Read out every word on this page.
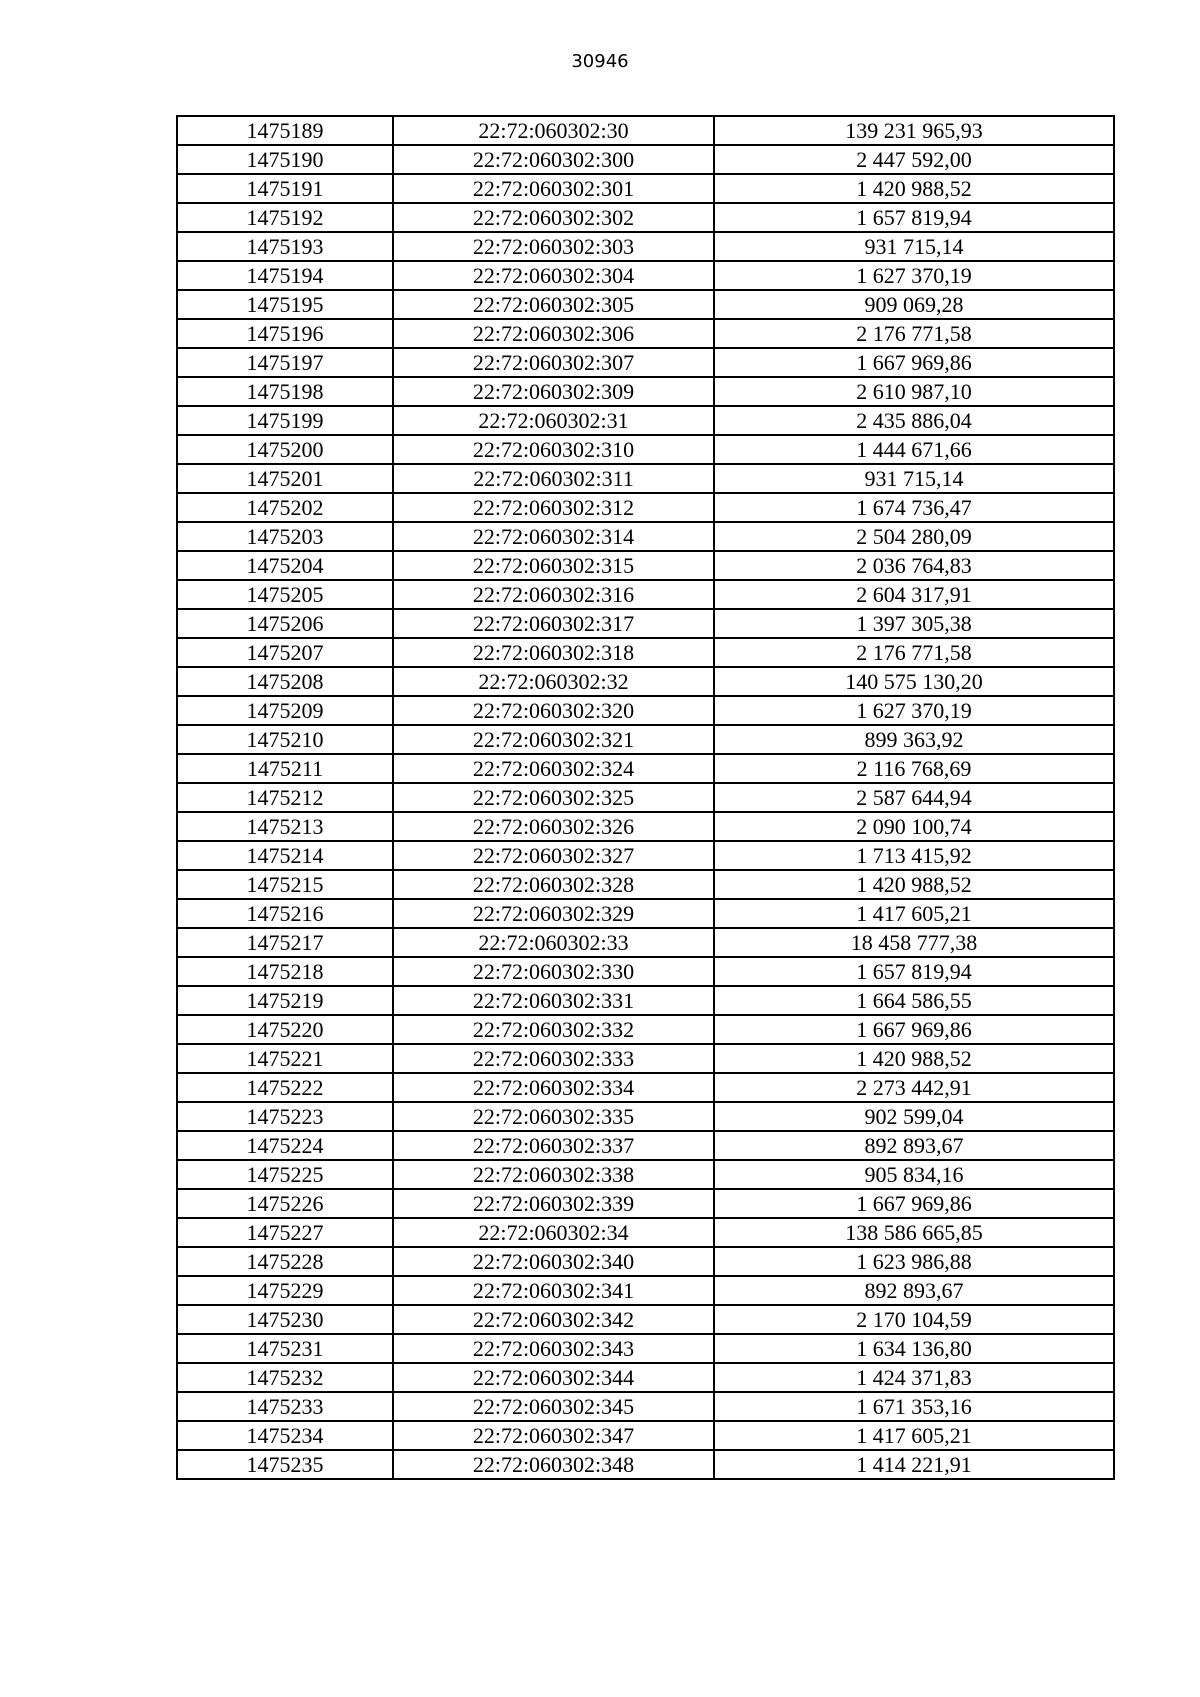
30946
1475189	22:72:060302:30	139 231 965,93
1475190	22:72:060302:300	2 447 592,00
1475191	22:72:060302:301	1 420 988,52
1475192	22:72:060302:302	1 657 819,94
1475193	22:72:060302:303	931 715,14
1475194	22:72:060302:304	1 627 370,19
1475195	22:72:060302:305	909 069,28
1475196	22:72:060302:306	2 176 771,58
1475197	22:72:060302:307	1 667 969,86
1475198	22:72:060302:309	2 610 987,10
1475199	22:72:060302:31	2 435 886,04
1475200	22:72:060302:310	1 444 671,66
1475201	22:72:060302:311	931 715,14
1475202	22:72:060302:312	1 674 736,47
1475203	22:72:060302:314	2 504 280,09
1475204	22:72:060302:315	2 036 764,83
1475205	22:72:060302:316	2 604 317,91
1475206	22:72:060302:317	1 397 305,38
1475207	22:72:060302:318	2 176 771,58
1475208	22:72:060302:32	140 575 130,20
1475209	22:72:060302:320	1 627 370,19
1475210	22:72:060302:321	899 363,92
1475211	22:72:060302:324	2 116 768,69
1475212	22:72:060302:325	2 587 644,94
1475213	22:72:060302:326	2 090 100,74
1475214	22:72:060302:327	1 713 415,92
1475215	22:72:060302:328	1 420 988,52
1475216	22:72:060302:329	1 417 605,21
1475217	22:72:060302:33	18 458 777,38
1475218	22:72:060302:330	1 657 819,94
1475219	22:72:060302:331	1 664 586,55
1475220	22:72:060302:332	1 667 969,86
1475221	22:72:060302:333	1 420 988,52
1475222	22:72:060302:334	2 273 442,91
1475223	22:72:060302:335	902 599,04
1475224	22:72:060302:337	892 893,67
1475225	22:72:060302:338	905 834,16
1475226	22:72:060302:339	1 667 969,86
1475227	22:72:060302:34	138 586 665,85
1475228	22:72:060302:340	1 623 986,88
1475229	22:72:060302:341	892 893,67
1475230	22:72:060302:342	2 170 104,59
1475231	22:72:060302:343	1 634 136,80
1475232	22:72:060302:344	1 424 371,83
1475233	22:72:060302:345	1 671 353,16
1475234	22:72:060302:347	1 417 605,21
1475235	22:72:060302:348	1 414 221,91
